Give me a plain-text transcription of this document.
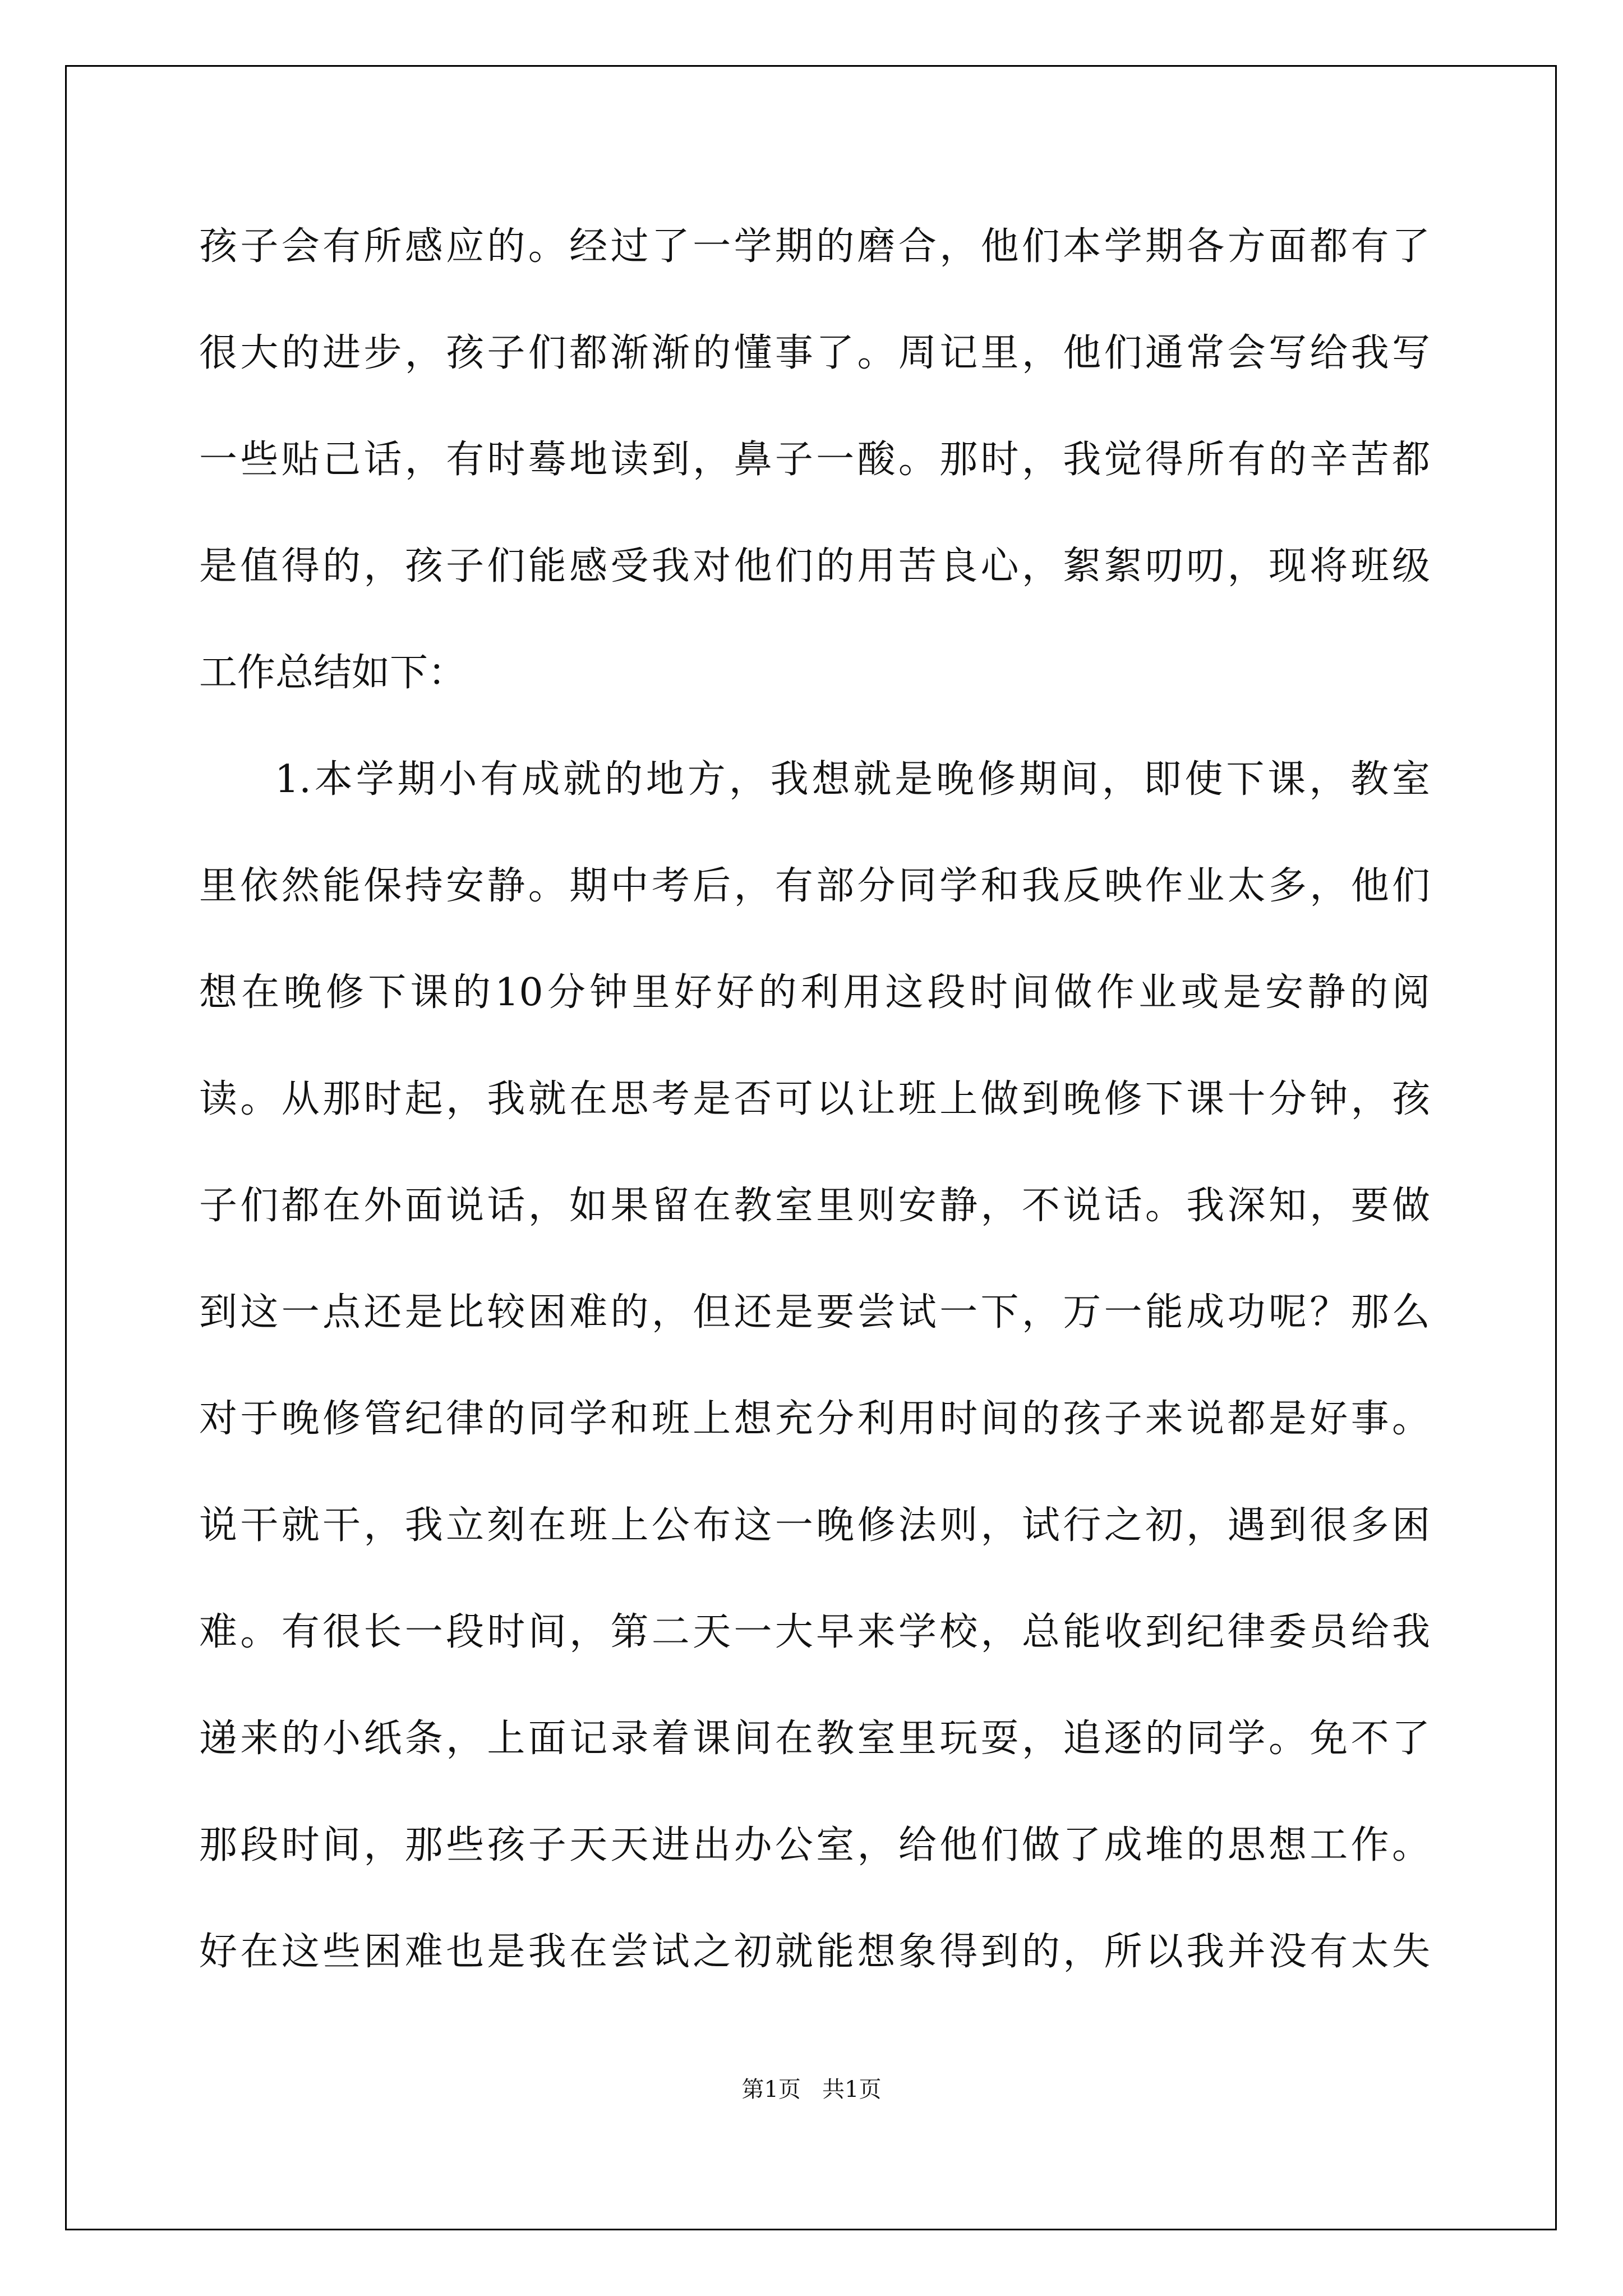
孩子会有所感应的。经过了一学期的磨合，他们本学期各方面都有了
很大的进步，孩子们都渐渐的懂事了。周记里，他们通常会写给我写
一些贴己话，有时蓦地读到，鼻子一酸。那时，我觉得所有的辛苦都
是值得的，孩子们能感受我对他们的用苦良心，絮絮叨叨，现将班级
工作总结如下：
1.本学期小有成就的地方，我想就是晚修期间，即使下课，教室
里依然能保持安静。期中考后，有部分同学和我反映作业太多，他们
想在晚修下课的10分钟里好好的利用这段时间做作业或是安静的阅
读。从那时起，我就在思考是否可以让班上做到晚修下课十分钟，孩
子们都在外面说话，如果留在教室里则安静，不说话。我深知，要做
到这一点还是比较困难的，但还是要尝试一下，万一能成功呢？那么
对于晚修管纪律的同学和班上想充分利用时间的孩子来说都是好事。
说干就干，我立刻在班上公布这一晚修法则，试行之初，遇到很多困
难。有很长一段时间，第二天一大早来学校，总能收到纪律委员给我
递来的小纸条，上面记录着课间在教室里玩耍，追逐的同学。免不了
那段时间，那些孩子天天进出办公室，给他们做了成堆的思想工作。
好在这些困难也是我在尝试之初就能想象得到的，所以我并没有太失
第1页   共1页
